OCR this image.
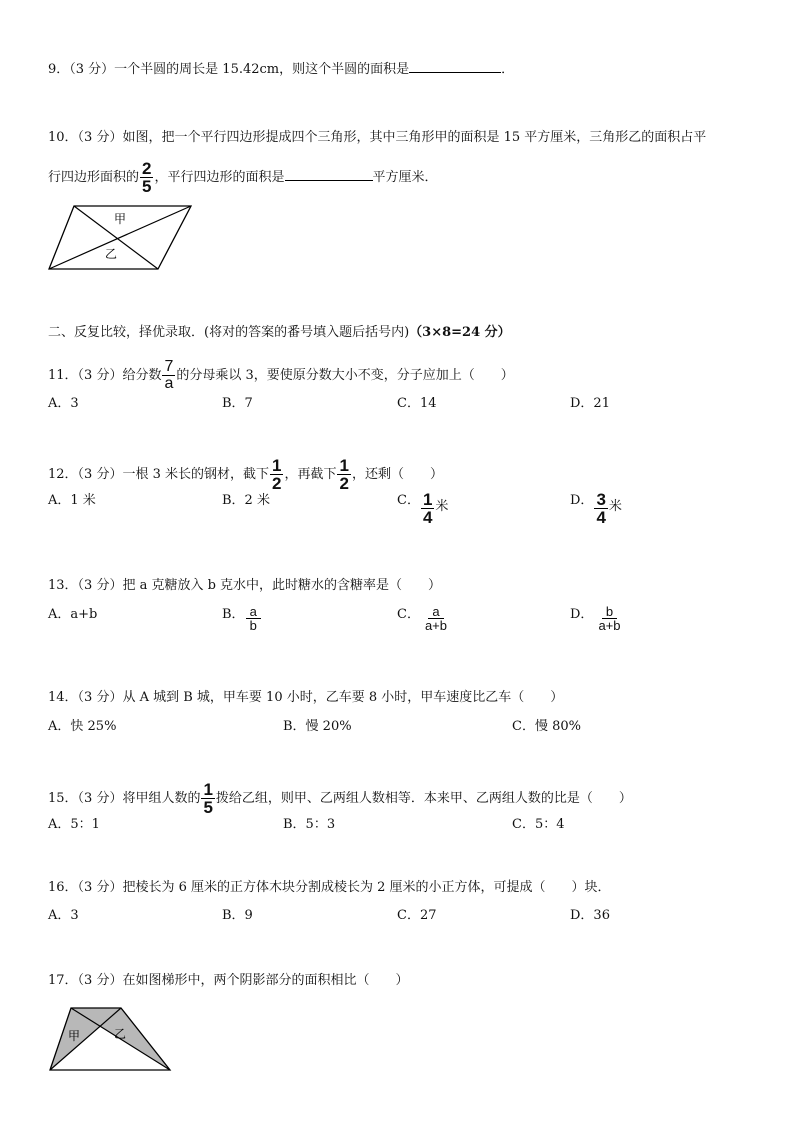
9．（3 分）一个半圆的周长是 15.42cm，则这个半圆的面积是	．
10．（3 分）如图，把一个平行四边形提成四个三角形，其中三角形甲的面积是 15 平方厘米，三角形乙的面积占平
行四边形面积的 $\frac{2}{5}$ ，平行四边形的面积是	平方厘米．
甲
乙
二、反复比较，择优录取．(将对的答案的番号填入题后括号内)（3×8=24 分）
11．（3 分）给分数 $\frac{7}{a}$ 的分母乘以 3，要使原分数大小不变，分子应加上（　　）
A．3	B．7	C．14	D．21
12．（3 分）一根 3 米长的钢材，截下 $\frac{1}{2}$ ，再截下 $\frac{1}{2}$ ，还剩（　　）
A．1 米	B．2 米	C． $\frac{1}{4}$ 米	D． $\frac{3}{4}$ 米
13．（3 分）把 a 克糖放入 b 克水中，此时糖水的含糖率是（　　）
A．a+b	B． $\frac{a}{b}$	C． $\frac{a}{a+b}$	D． $\frac{b}{a+b}$
14．（3 分）从 A 城到 B 城，甲车要 10 小时，乙车要 8 小时，甲车速度比乙车（　　）
A．快 25%	B．慢 20%	C．慢 80%
15．（3 分）将甲组人数的 $\frac{1}{5}$ 拨给乙组，则甲、乙两组人数相等．本来甲、乙两组人数的比是（　　）
A．5：1	B．5：3	C．5：4
16．（3 分）把棱长为 6 厘米的正方体木块分割成棱长为 2 厘米的小正方体，可提成（　　）块．
A．3	B．9	C．27	D．36
17．（3 分）在如图梯形中，两个阴影部分的面积相比（　　）
甲	乙
